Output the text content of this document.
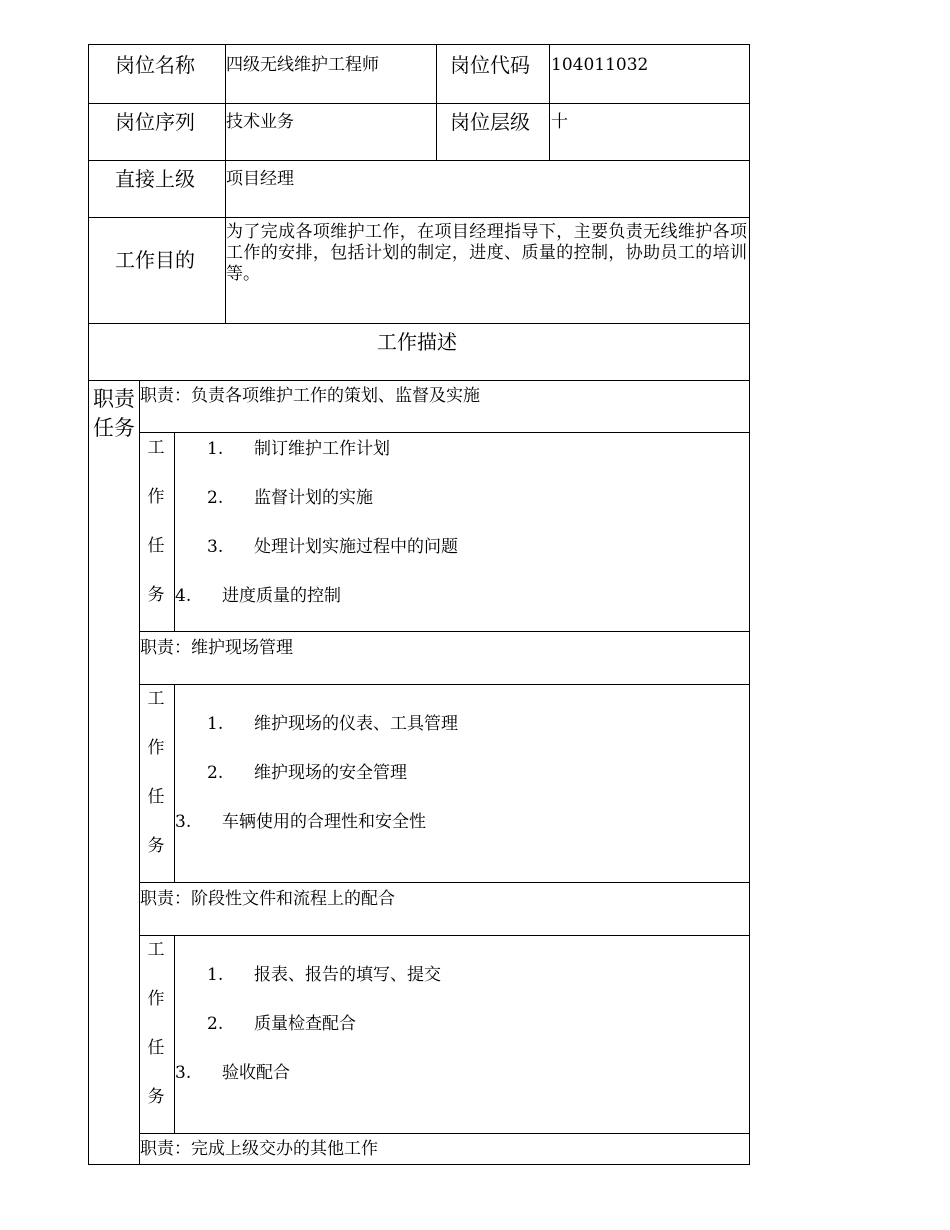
岗位名称 四级无线维护工程师	岗位代码 104011032
岗位序列 技术业务	岗位层级 十
直接上级 项目经理
工作目的
为了完成各项维护工作，在项目经理指导下，主要负责无线维护各项工作的安排，包括计划的制定，进度、质量的控制，协助员工的培训等。
工作描述
职责任务
职责：负责各项维护工作的策划、监督及实施
工
作
任
务
1. 制订维护工作计划
2. 监督计划的实施
3. 处理计划实施过程中的问题
4. 进度质量的控制
职责：维护现场管理
工
作
任
务
1. 维护现场的仪表、工具管理
2. 维护现场的安全管理
3. 车辆使用的合理性和安全性
职责：阶段性文件和流程上的配合
工
作
任
务
1. 报表、报告的填写、提交
2. 质量检查配合
3. 验收配合
职责：完成上级交办的其他工作
